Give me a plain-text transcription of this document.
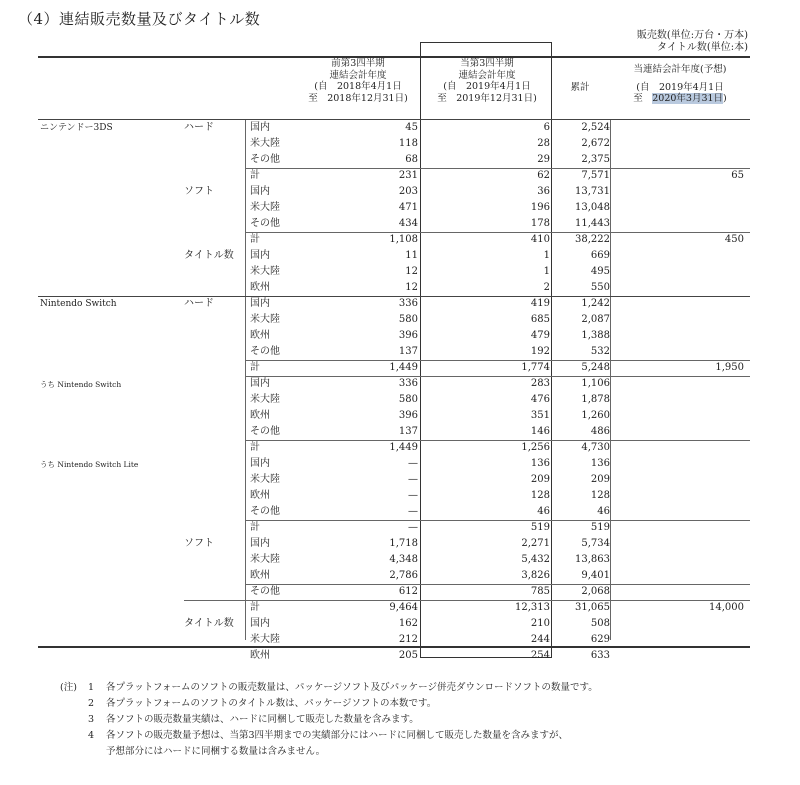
（4）連結販売数量及びタイトル数
販売数(単位:万台・万本)
タイトル数(単位:本)
前第3四半期
連結会計年度
(自　2018年4月1日
至　2018年12月31日)
当第3四半期
連結会計年度
(自　2019年4月1日
至　2019年12月31日)
累計
当連結会計年度(予想)
(自　2019年4月1日
至　2020年3月31日)
ニンテンドー3DS	ハード	国内	45	6	2,524
米大陸	118	28	2,672
その他	68	29	2,375
計	231	62	7,571	65
ソフト	国内	203	36	13,731
米大陸	471	196	13,048
その他	434	178	11,443
計	1,108	410	38,222	450
タイトル数 国内	11	1	669
米大陸	12	1	495
欧州	12	2	550
Nintendo Switch	ハード	国内	336	419	1,242
米大陸	580	685	2,087
欧州	396	479	1,388
その他	137	192	532
計	1,449	1,774	5,248	1,950
うち Nintendo Switch	国内	336	283	1,106
米大陸	580	476	1,878
欧州	396	351	1,260
その他	137	146	486
計	1,449	1,256	4,730
うち Nintendo Switch Lite	国内	—	136	136
米大陸	—	209	209
欧州	—	128	128
その他	—	46	46
計	—	519	519
ソフト	国内	1,718	2,271	5,734
米大陸	4,348	5,432	13,863
欧州	2,786	3,826	9,401
その他	612	785	2,068
計	9,464	12,313	31,065	14,000
タイトル数 国内	162	210	508
米大陸	212	244	629
欧州	205	254	633
(注) 1 各プラットフォームのソフトの販売数量は、パッケージソフト及びパッケージ併売ダウンロードソフトの数量です。
2 各プラットフォームのソフトのタイトル数は、パッケージソフトの本数です。
3 各ソフトの販売数量実績は、ハードに同梱して販売した数量を含みます。
4 各ソフトの販売数量予想は、当第3四半期までの実績部分にはハードに同梱して販売した数量を含みますが、
予想部分にはハードに同梱する数量は含みません。
